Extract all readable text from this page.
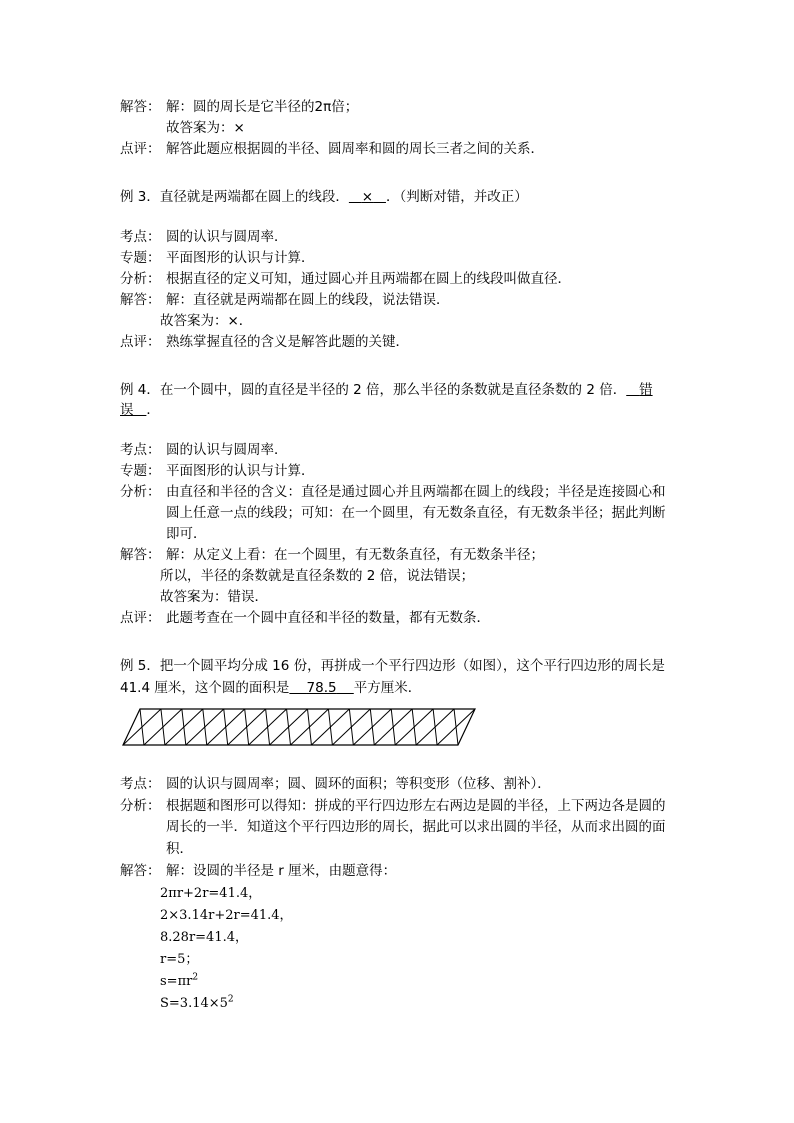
解答： 解：圆的周长是它半径的2π倍；
故答案为：×
点评： 解答此题应根据圆的半径、圆周率和圆的周长三者之间的关系．
例 3．直径就是两端都在圆上的线段． × ．（判断对错，并改正）
考点： 圆的认识与圆周率．
专题： 平面图形的认识与计算．
分析： 根据直径的定义可知，通过圆心并且两端都在圆上的线段叫做直径．
解答： 解：直径就是两端都在圆上的线段，说法错误．
故答案为：×．
点评： 熟练掌握直径的含义是解答此题的关键．
例 4．在一个圆中，圆的直径是半径的 2 倍，那么半径的条数就是直径条数的 2 倍． 错
误 ．
考点： 圆的认识与圆周率．
专题： 平面图形的认识与计算．
分析： 由直径和半径的含义：直径是通过圆心并且两端都在圆上的线段；半径是连接圆心和
圆上任意一点的线段；可知：在一个圆里，有无数条直径，有无数条半径；据此判断
即可．
解答： 解：从定义上看：在一个圆里，有无数条直径，有无数条半径；
所以，半径的条数就是直径条数的 2 倍，说法错误；
故答案为：错误．
点评： 此题考查在一个圆中直径和半径的数量，都有无数条．
例 5．把一个圆平均分成 16 份，再拼成一个平行四边形（如图），这个平行四边形的周长是
41.4 厘米，这个圆的面积是 78.5 平方厘米．
考点： 圆的认识与圆周率；圆、圆环的面积；等积变形（位移、割补）．
分析： 根据题和图形可以得知：拼成的平行四边形左右两边是圆的半径，上下两边各是圆的
周长的一半．知道这个平行四边形的周长，据此可以求出圆的半径，从而求出圆的面
积．
解答： 解：设圆的半径是 r 厘米，由题意得：
2πr+2r=41.4，
2×3.14r+2r=41.4，
8.28r=41.4，
r=5；
$s=\pi r^2$
$S=3.14\times 5^2$
